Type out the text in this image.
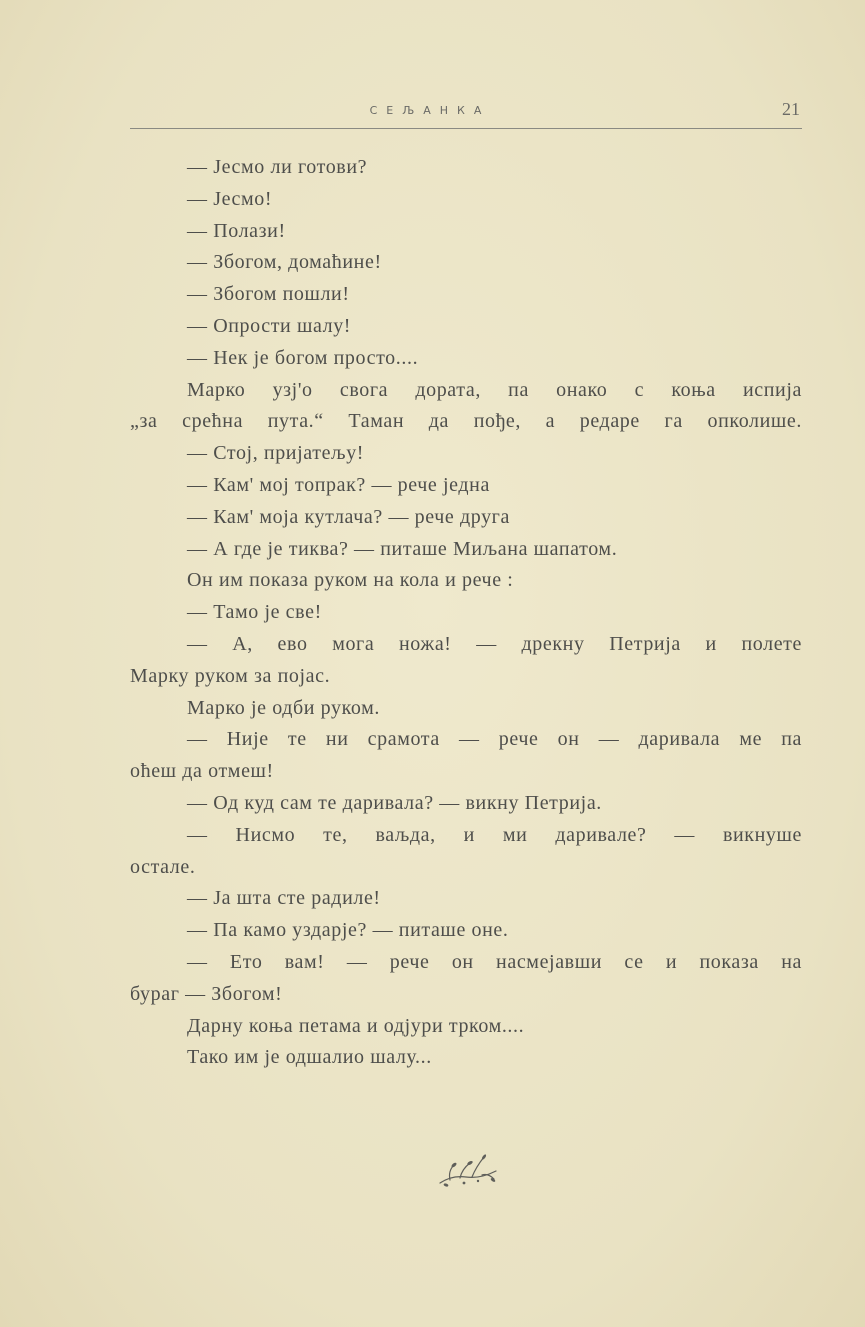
СЕЉАНКА	21
— Јесмо ли готови?
— Јесмо!
— Полази!
— Збогом, домаћине!
— Збогом пошли!
— Опрости шалу!
— Нек је богом просто....
Марко узј'о свога дората, па онако с коња испија
„за срећна пута.“ Таман да пође, а редаре га опколише.
— Стој, пријатељу!
— Кам' мој топрак? — рече једна
— Кам' моја кутлача? — рече друга
— А где је тиква? — питаше Миљана шапатом.
Он им показа руком на кола и рече :
— Тамо је све!
— А, ево мога ножа! — дрекну Петрија и полете
Марку руком за појас.
Марко је одби руком.
— Није те ни срамота — рече он — даривала ме па
oћеш да отмеш!
— Од куд сам те даривала? — викну Петрија.
— Нисмо те, ваљда, и ми даривале? — викнуше
остале.
— Ја шта сте радиле!
— Па камо уздарје? — питаше оне.
— Ето вам! — рече он насмејавши се и показа на
бураг — Збогом!
Дарну коња петама и одјури трком....
Тако им је одшалио шалу...
